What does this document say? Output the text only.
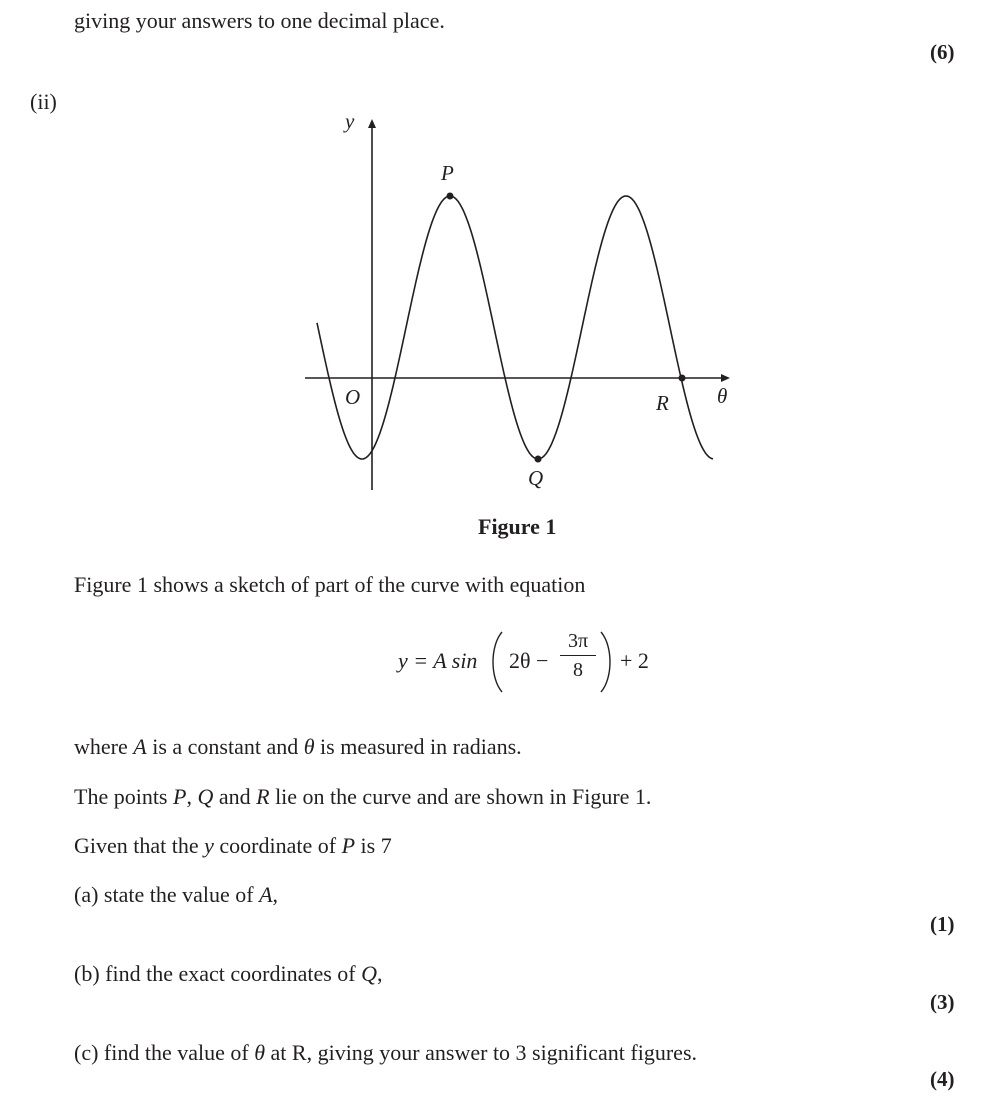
giving your answers to one decimal place.
(6)
(ii)
y
θ
O
P
Q
R
Figure 1
Figure 1 shows a sketch of part of the curve with equation
y = A sin 2θ −
3π
8	+ 2
where A is a constant and θ is measured in radians.
The points P, Q and R lie on the curve and are shown in Figure 1.
Given that the y coordinate of P is 7
(a) state the value of A,
(1)
(b) find the exact coordinates of Q,
(3)
(c) find the value of θ at R, giving your answer to 3 significant figures.
(4)
